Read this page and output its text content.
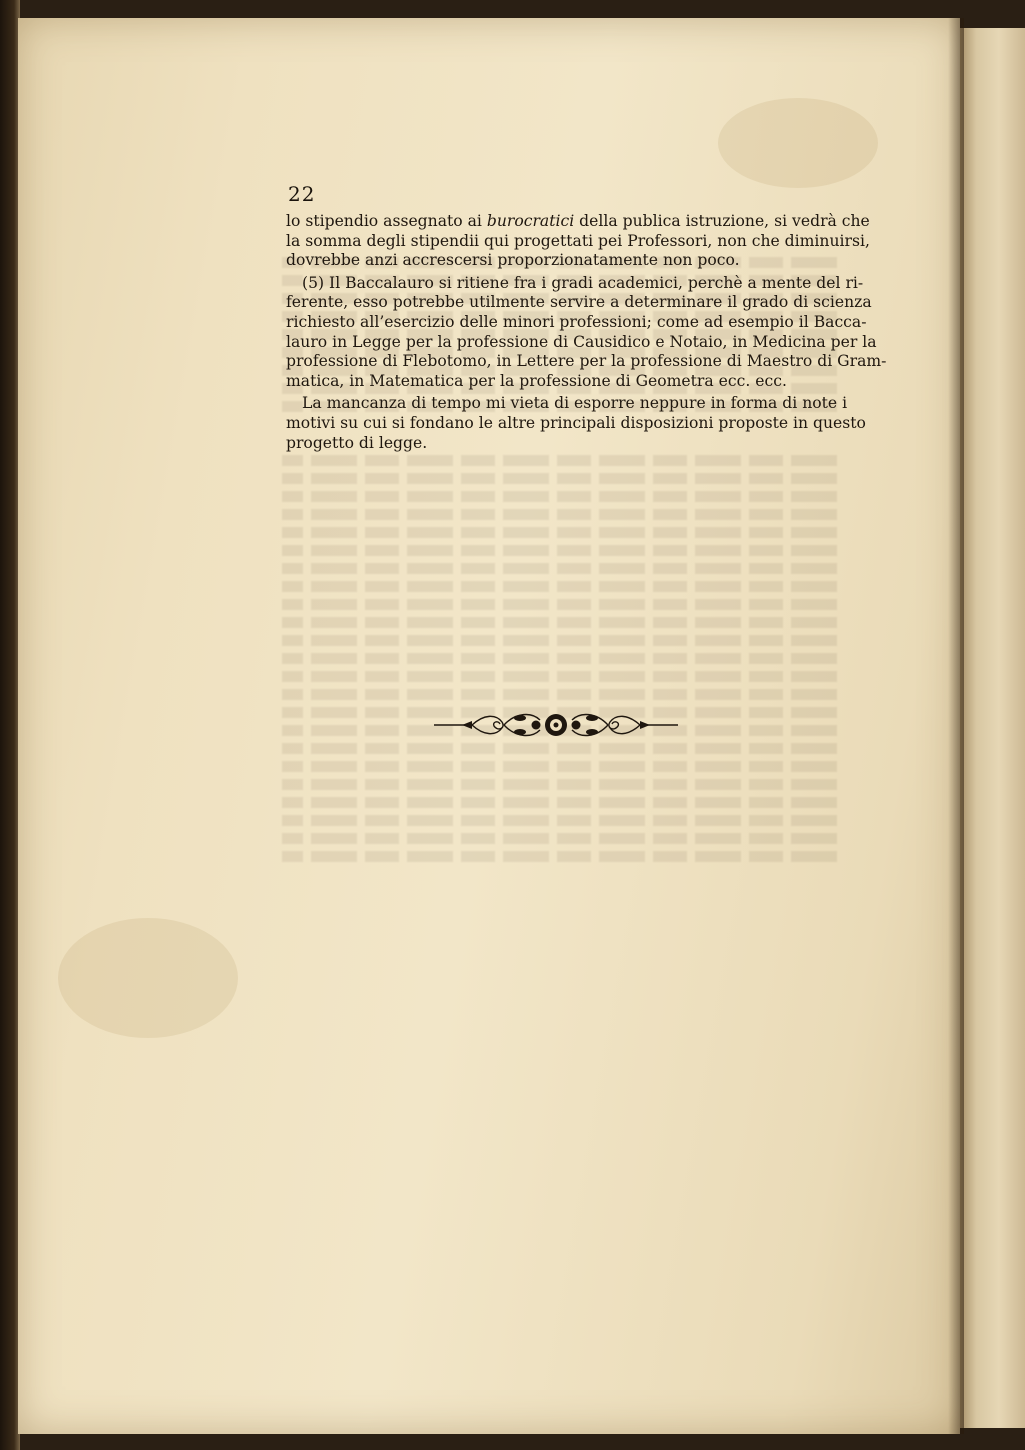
22
lo stipendio assegnato ai burocratici della publica istruzione, si vedrà che
la somma degli stipendii qui progettati pei Professori, non che diminuirsi,
dovrebbe anzi accrescersi proporzionatamente non poco.
(5) Il Baccalauro si ritiene fra i gradi academici, perchè a mente del ri-
ferente, esso potrebbe utilmente servire a determinare il grado di scienza
richiesto all’esercizio delle minori professioni; come ad esempio il Bacca-
lauro in Legge per la professione di Causidico e Notaio, in Medicina per la
professione di Flebotomo, in Lettere per la professione di Maestro di Gram-
matica, in Matematica per la professione di Geometra ecc. ecc.
La mancanza di tempo mi vieta di esporre neppure in forma di note i
motivi su cui si fondano le altre principali disposizioni proposte in questo
progetto di legge.
